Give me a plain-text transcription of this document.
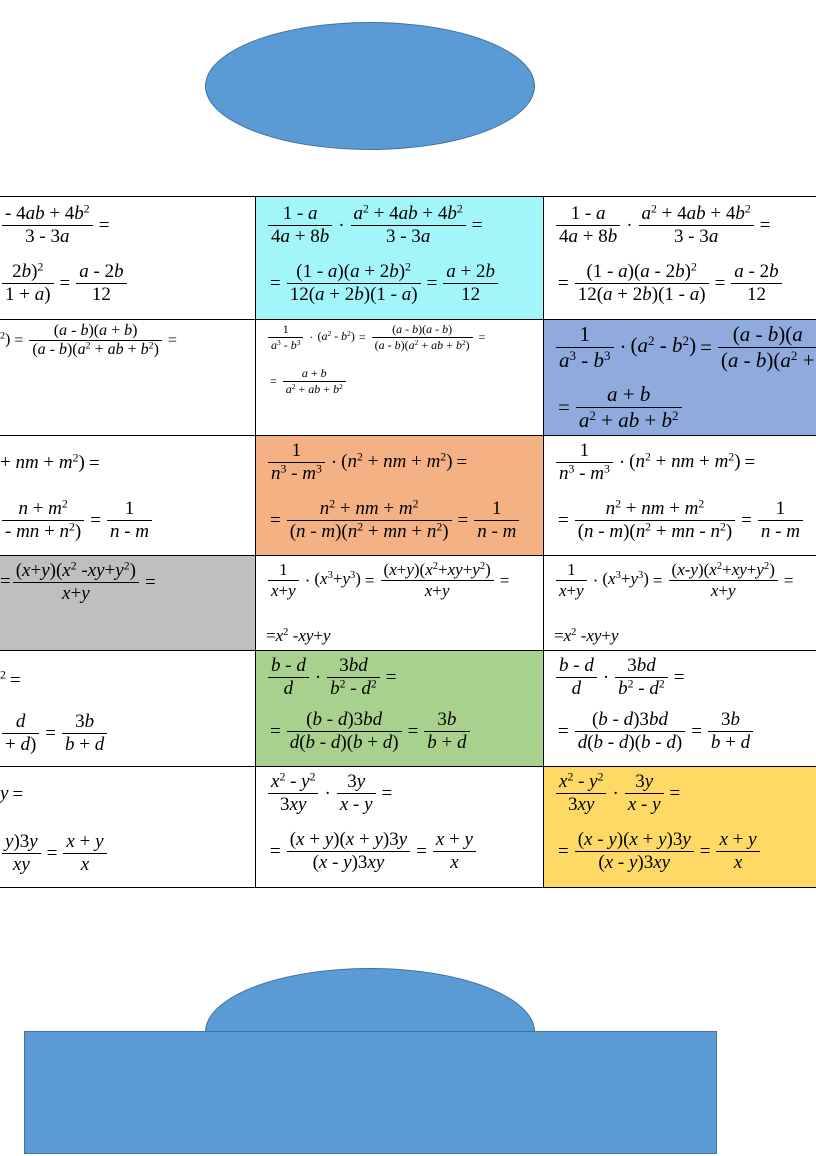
$\frac{- 4ab + 4b^2}{3 - 3a}$ =
$\frac{2b)^2}{1 + a)} = \frac{a - 2b}{12}$
$\frac{1 - a}{4a + 8b} \cdot \frac{a^2 + 4ab + 4b^2}{3 - 3a}$ =
= $\frac{(1 - a)(a + 2b)^2}{12(a + 2b)(1 - a)} = \frac{a + 2b}{12}$
$\frac{1 - a}{4a + 8b} \cdot \frac{a^2 + 4ab + 4b^2}{3 - 3a}$ =
= $\frac{(1 - a)(a - 2b)^2}{12(a + 2b)(1 - a)} = \frac{a - 2b}{12}$
$^2) = \frac{(a - b)(a + b)}{(a - b)(a^2 + ab + b^2)}$ =	$\frac{1}{a^3 - b^3} \cdot (a^2 - b^2) = \frac{(a - b)(a - b)}{(a - b)(a^2 + ab + b^2)}$ =
= $\frac{a + b}{a^2 + ab + b^2}$
$\frac{1}{a^3 - b^3} \cdot (a^2 - b^2) = \frac{(a - b)(a}{(a - b)(a^2 +}$
= $\frac{a + b}{a^2 + ab + b^2}$
+ nm + $m^2$) =
$\frac{n + m^2}{- mn + n^2)} = \frac{1}{n - m}$
$\frac{1}{n^3 - m^3} \cdot (n^2$ + nm + $m^2$) =
= $\frac{n^2 + nm + m^2}{(n - m)(n^2 + mn + n^2)} = \frac{1}{n - m}$
$\frac{1}{n^3 - m^3} \cdot (n^2$ + nm + $m^2$) =
= $\frac{n^2 + nm + m^2}{(n - m)(n^2 + mn - n^2)} = \frac{1}{n - m}$
= $\frac{(x+y)(x^2 -xy+y^2)}{x+y}$ =	$\frac{1}{x+y} \cdot (x^3+y^3) = \frac{(x+y)(x^2+xy+y^2)}{x+y}$ =
$=x^2$ -xy+y
$\frac{1}{x+y} \cdot (x^3+y^3) = \frac{(x-y)(x^2+xy+y^2)}{x+y}$ =
$=x^2$ -xy+y
$^2$ =
$\frac{d}{+ d)} = \frac{3b}{b + d}$
$\frac{b - d}{d} \cdot \frac{3bd}{b^2 - d^2}$ =
= $\frac{(b - d)3bd}{d(b - d)(b + d)} = \frac{3b}{b + d}$
$\frac{b - d}{d} \cdot \frac{3bd}{b^2 - d^2}$ =
= $\frac{(b - d)3bd}{d(b - d)(b - d)} = \frac{3b}{b + d}$
y =
$\frac{y)3y}{xy} = \frac{x + y}{x}$
$\frac{x^2 - y^2}{3xy} \cdot \frac{3y}{x - y}$ =
= $\frac{(x + y)(x + y)3y}{(x - y)3xy} = \frac{x + y}{x}$
$\frac{x^2 - y^2}{3xy} \cdot \frac{3y}{x - y}$ =
= $\frac{(x - y)(x + y)3y}{(x - y)3xy} = \frac{x + y}{x}$
